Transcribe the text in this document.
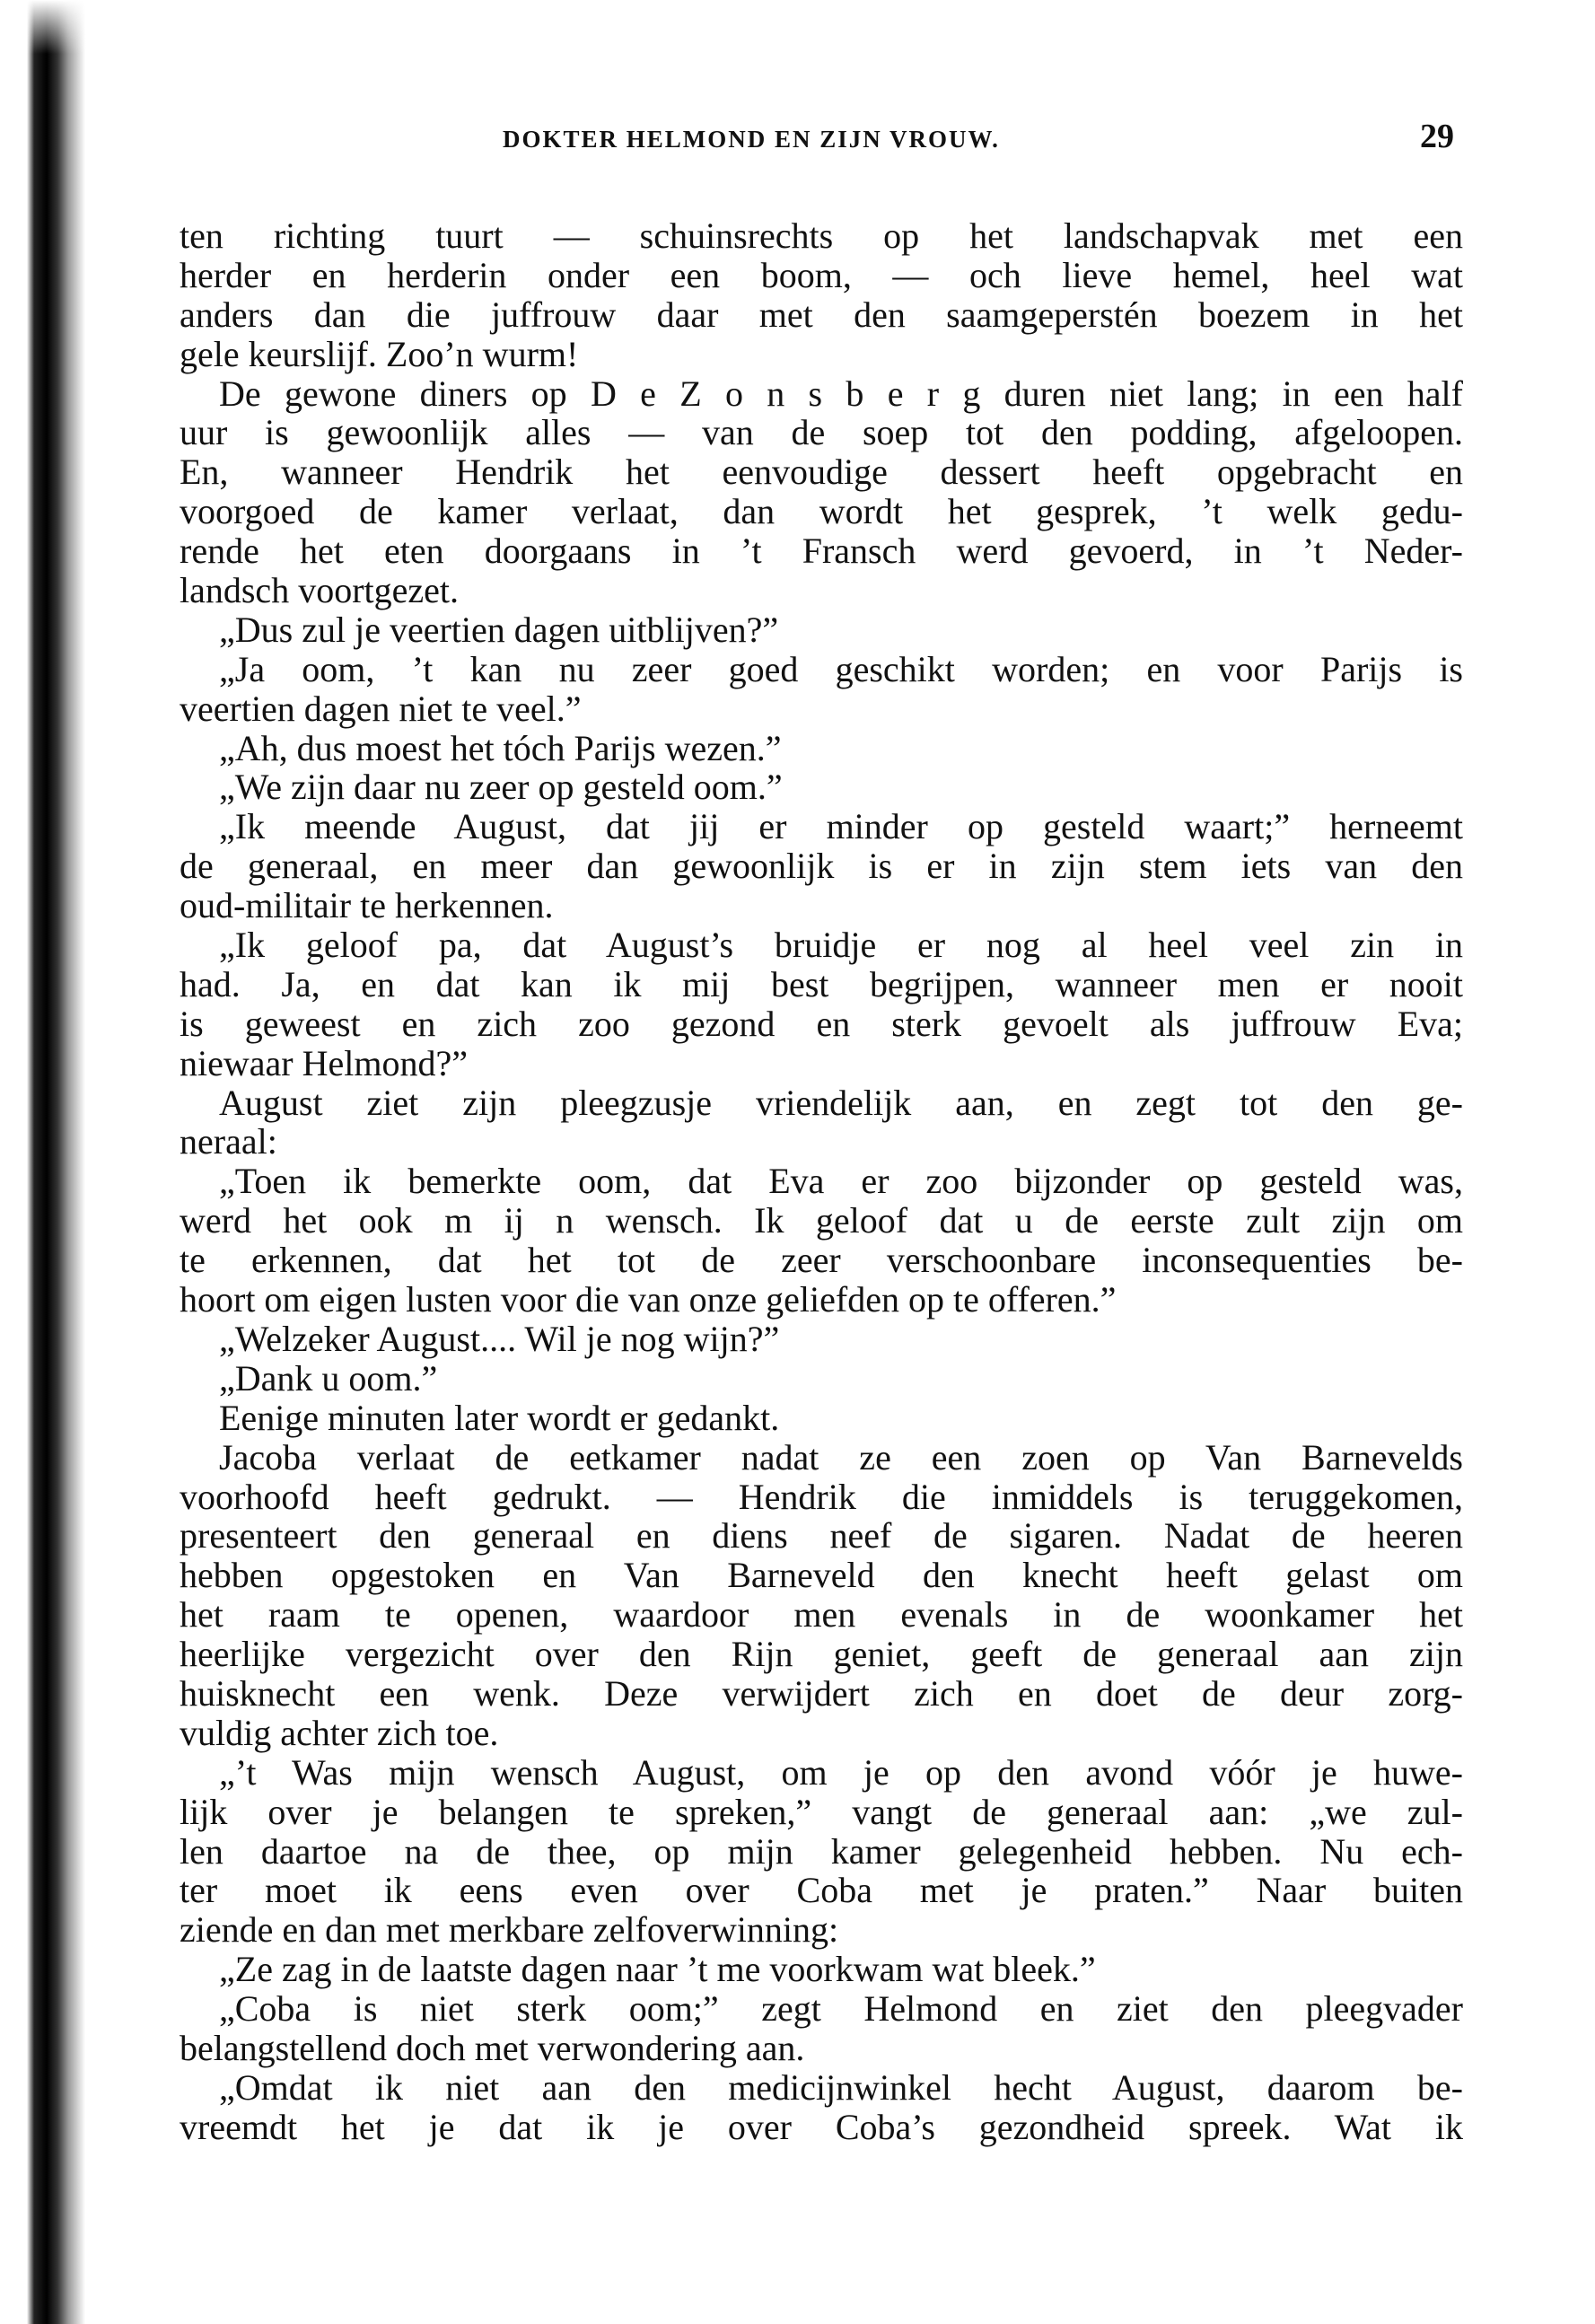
DOKTER HELMOND EN ZIJN VROUW.	29
ten richting tuurt — schuinsrechts op het landschapvak met een
herder en herderin onder een boom, — och lieve hemel, heel wat
anders dan die juffrouw daar met den saamgeperstén boezem in het
gele keurslijf. Zoo’n wurm!
De gewone diners op D e Z o n s b e r g duren niet lang; in een half
uur is gewoonlijk alles — van de soep tot den podding, afgeloopen.
En, wanneer Hendrik het eenvoudige dessert heeft opgebracht en
voorgoed de kamer verlaat, dan wordt het gesprek, ’t welk gedu-
rende het eten doorgaans in ’t Fransch werd gevoerd, in ’t Neder-
landsch voortgezet.
„Dus zul je veertien dagen uitblijven?”
„Ja oom, ’t kan nu zeer goed geschikt worden; en voor Parijs is
veertien dagen niet te veel.”
„Ah, dus moest het tóch Parijs wezen.”
„We zijn daar nu zeer op gesteld oom.”
„Ik meende August, dat jij er minder op gesteld waart;” herneemt
de generaal, en meer dan gewoonlijk is er in zijn stem iets van den
oud-militair te herkennen.
„Ik geloof pa, dat August’s bruidje er nog al heel veel zin in
had. Ja, en dat kan ik mij best begrijpen, wanneer men er nooit
is geweest en zich zoo gezond en sterk gevoelt als juffrouw Eva;
niewaar Helmond?”
August ziet zijn pleegzusje vriendelijk aan, en zegt tot den ge-
neraal:
„Toen ik bemerkte oom, dat Eva er zoo bijzonder op gesteld was,
werd het ook m ij n wensch. Ik geloof dat u de eerste zult zijn om
te erkennen, dat het tot de zeer verschoonbare inconsequenties be-
hoort om eigen lusten voor die van onze geliefden op te offeren.”
„Welzeker August.... Wil je nog wijn?”
„Dank u oom.”
Eenige minuten later wordt er gedankt.
Jacoba verlaat de eetkamer nadat ze een zoen op Van Barnevelds
voorhoofd heeft gedrukt. — Hendrik die inmiddels is teruggekomen,
presenteert den generaal en diens neef de sigaren. Nadat de heeren
hebben opgestoken en Van Barneveld den knecht heeft gelast om
het raam te openen, waardoor men evenals in de woonkamer het
heerlijke vergezicht over den Rijn geniet, geeft de generaal aan zijn
huisknecht een wenk. Deze verwijdert zich en doet de deur zorg-
vuldig achter zich toe.
„’t Was mijn wensch August, om je op den avond vóór je huwe-
lijk over je belangen te spreken,” vangt de generaal aan: „we zul-
len daartoe na de thee, op mijn kamer gelegenheid hebben. Nu ech-
ter moet ik eens even over Coba met je praten.” Naar buiten
ziende en dan met merkbare zelfoverwinning:
„Ze zag in de laatste dagen naar ’t me voorkwam wat bleek.”
„Coba is niet sterk oom;” zegt Helmond en ziet den pleegvader
belangstellend doch met verwondering aan.
„Omdat ik niet aan den medicijnwinkel hecht August, daarom be-
vreemdt het je dat ik je over Coba’s gezondheid spreek. Wat ik
